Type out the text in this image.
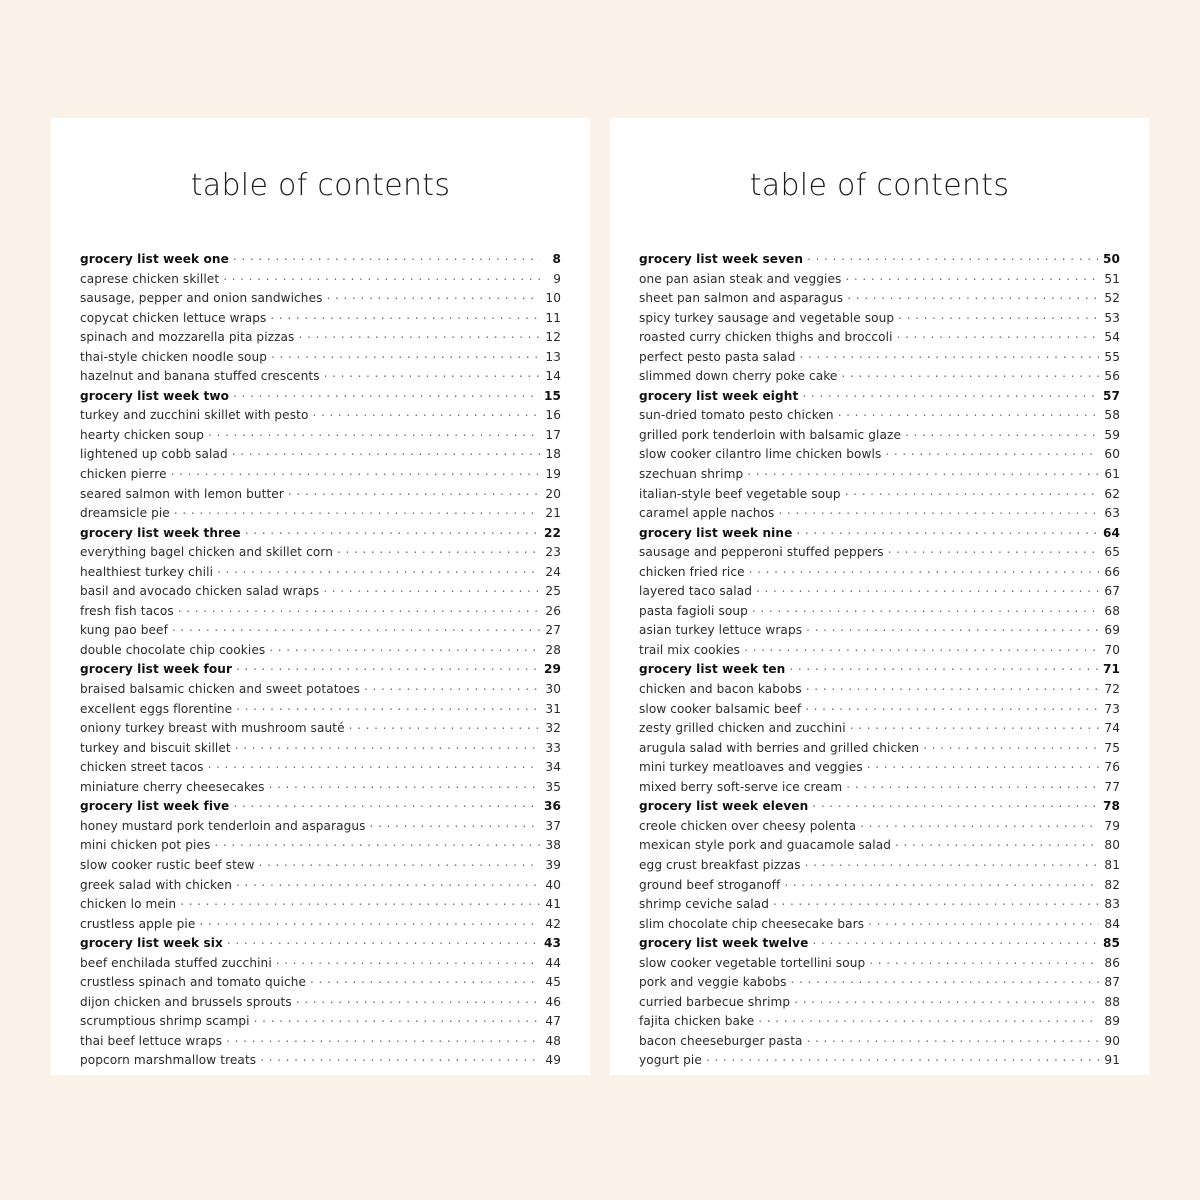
table of contents
grocery list week one . . .	8
caprese chicken skillet . . .	9
sausage, pepper and onion sandwiches . . .	10
copycat chicken lettuce wraps . . .	11
spinach and mozzarella pita pizzas . . .	12
thai-style chicken noodle soup . . .	13
hazelnut and banana stuffed crescents . . .	14
grocery list week two . . .	15
turkey and zucchini skillet with pesto . . .	16
hearty chicken soup . . .	17
lightened up cobb salad . . .	18
chicken pierre . . .	19
seared salmon with lemon butter . . .	20
dreamsicle pie . . .	21
grocery list week three . . .	22
everything bagel chicken and skillet corn . . .	23
healthiest turkey chili . . .	24
basil and avocado chicken salad wraps . . .	25
fresh fish tacos . . .	26
kung pao beef . . .	27
double chocolate chip cookies . . .	28
grocery list week four . . .	29
braised balsamic chicken and sweet potatoes . . .	30
excellent eggs florentine . . .	31
oniony turkey breast with mushroom sauté . . .	32
turkey and biscuit skillet . . .	33
chicken street tacos . . .	34
miniature cherry cheesecakes . . .	35
grocery list week five . . .	36
honey mustard pork tenderloin and asparagus . . .	37
mini chicken pot pies . . .	38
slow cooker rustic beef stew . . .	39
greek salad with chicken . . .	40
chicken lo mein . . .	41
crustless apple pie . . .	42
grocery list week six . . .	43
beef enchilada stuffed zucchini . . .	44
crustless spinach and tomato quiche . . .	45
dijon chicken and brussels sprouts . . .	46
scrumptious shrimp scampi . . .	47
thai beef lettuce wraps . . .	48
popcorn marshmallow treats . . .	49
table of contents
grocery list week seven . . .	50
one pan asian steak and veggies . . .	51
sheet pan salmon and asparagus . . .	52
spicy turkey sausage and vegetable soup . . .	53
roasted curry chicken thighs and broccoli . . .	54
perfect pesto pasta salad . . .	55
slimmed down cherry poke cake . . .	56
grocery list week eight . . .	57
sun-dried tomato pesto chicken . . .	58
grilled pork tenderloin with balsamic glaze . . .	59
slow cooker cilantro lime chicken bowls . . .	60
szechuan shrimp . . .	61
italian-style beef vegetable soup . . .	62
caramel apple nachos . . .	63
grocery list week nine . . .	64
sausage and pepperoni stuffed peppers . . .	65
chicken fried rice . . .	66
layered taco salad . . .	67
pasta fagioli soup . . .	68
asian turkey lettuce wraps . . .	69
trail mix cookies . . .	70
grocery list week ten . . .	71
chicken and bacon kabobs . . .	72
slow cooker balsamic beef . . .	73
zesty grilled chicken and zucchini . . .	74
arugula salad with berries and grilled chicken . . .	75
mini turkey meatloaves and veggies . . .	76
mixed berry soft-serve ice cream . . .	77
grocery list week eleven . . .	78
creole chicken over cheesy polenta . . .	79
mexican style pork and guacamole salad . . .	80
egg crust breakfast pizzas . . .	81
ground beef stroganoff . . .	82
shrimp ceviche salad . . .	83
slim chocolate chip cheesecake bars . . .	84
grocery list week twelve . . .	85
slow cooker vegetable tortellini soup . . .	86
pork and veggie kabobs . . .	87
curried barbecue shrimp . . .	88
fajita chicken bake . . .	89
bacon cheeseburger pasta . . .	90
yogurt pie . . .	91
